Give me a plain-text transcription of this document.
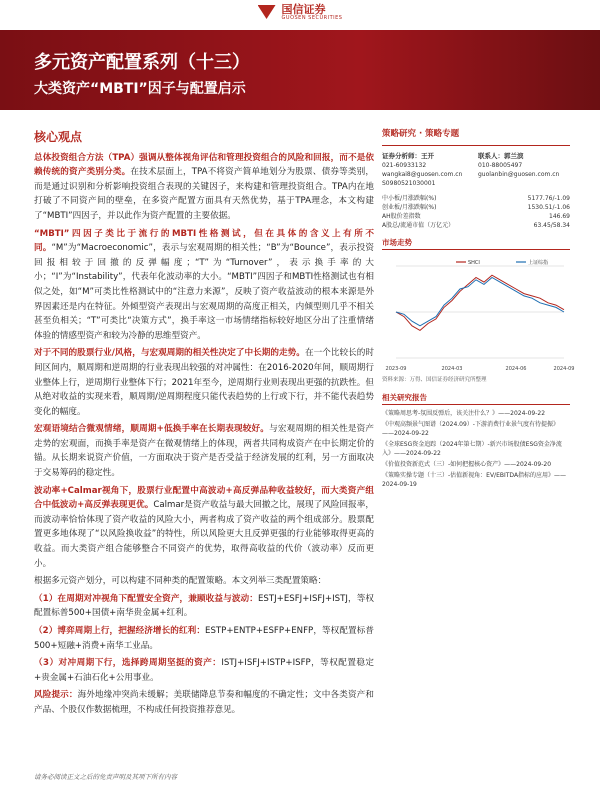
国信证券
GUOSEN SECURITIES
多元资产配置系列（十三）
大类资产“MBTI”因子与配置启示
核心观点

总体投资组合方法（TPA）强调从整体视角评估和管理投资组合的风险和回报，而不是依赖传统的资产类别分类。在技术层面上，TPA不将资产简单地划分为股票、债券等类别，而是通过识别和分析影响投资组合表现的关键因子，来构建和管理投资组合。TPA内在地打破了不同资产间的壁垒，在多资产配置方面具有天然优势，基于TPA理念，本文构建了“MBTI”四因子，并以此作为资产配置的主要依据。

“MBTI”四因子类比于流行的MBTI性格测试，但在具体的含义上有所不同。“M”为“Macroeconomic”，表示与宏观周期的相关性；“B”为“Bounce”，表示投资回报相较于回撤的反弹幅度；“T”为“Turnover”，表示换手率的大小；“I”为“Instability”，代表年化波动率的大小。“MBTI”四因子和MBTI性格测试也有相似之处，如“M”可类比性格测试中的“注意力来源”，反映了资产收益波动的根本来源是外界因素还是内在特征。外倾型资产表现出与宏观周期的高度正相关，内倾型则几乎不相关甚至负相关；“T”可类比“决策方式”，换手率这一市场情绪指标较好地区分出了注重情绪体验的情感型资产和较为冷静的思维型资产。

对于不同的股票行业/风格，与宏观周期的相关性决定了中长期的走势。在一个比较长的时间区间内，顺周期和逆周期的行业表现出较强的对冲属性：在2016-2020年间，顺周期行业整体上行，逆周期行业整体下行；2021年至今，逆周期行业则表现出更强的抗跌性。但从绝对收益的实现来看，顺周期/逆周期程度只能代表趋势的上行或下行，并不能代表趋势变化的幅度。

宏观语境结合微观情绪，顺周期+低换手率在长期表现较好。与宏观周期的相关性是资产走势的宏观面，而换手率是资产在微观情绪上的体现，两者共同构成资产在中长期定价的锚。从长期来说资产价值，一方面取决于资产是否受益于经济发展的红利，另一方面取决于交易筹码的稳定性。

波动率+Calmar视角下，股票行业配置中高波动+高反弹品种收益较好，而大类资产组合中低波动+高反弹表现更优。Calmar是资产收益与最大回撤之比，展现了风险回报率，而波动率恰恰体现了资产收益的风险大小，两者构成了资产收益的两个组成部分。股票配置更多地体现了“以风险换收益”的特性，所以风险更大且反弹更强的行业能够取得更高的收益。而大类资产组合能够整合不同资产的优势，取得高收益的代价（波动率）反而更小。

根据多元资产划分，可以构建不同种类的配置策略。本文列举三类配置策略：

（1）在周期对冲视角下配置安全资产，兼顾收益与波动：ESTJ+ESFJ+ISFJ+ISTJ，等权配置标普500+国债+南华贵金属+红利。

（2）博弈周期上行，把握经济增长的红利：ESTP+ENTP+ESFP+ENFP，等权配置标普500+短融+消费+南华工业品。

（3）对冲周期下行，选择跨周期坚挺的资产：ISTJ+ISFJ+ISTP+ISFP，等权配置稳定+贵金属+石油石化+公用事业。

风险提示：海外地缘冲突尚未缓解；美联储降息节奏和幅度的不确定性；文中各类资产和产品、个股仅作数据梳理，不构成任何投资推荐意见。

策略研究 · 策略专题
证券分析师：王开
021-60933132
wangkai8@guosen.com.cn
S0980521030001
联系人：郭兰滨
010-88005497
guolanbin@guosen.com.cn
中小板/月涨跌幅(%)	5177.76/-1.09
创业板/月涨跌幅(%)	1530.51/-1.06
AH股价差指数	146.69
A股总/流通市值（万亿元）	63.45/58.34
市场走势
SHCI	上证综指
2023-09	2024-03	2024-06	2024-09
资料来源：万得、国信证券经济研究所整理
相关研究报告
《策略周思考-氛围反弹后，该关注什么？》——2024-09-22
《中观高频景气图谱（2024.09）-下游消费行业景气度有待提振》——2024-09-22
《全球ESG资金追踪（2024年第七期）-新兴市场股债ESG资金净流入》——2024-09-22
《价值投资新范式（三）-如何把握核心资产》——2024-09-20
《策略实操专题（十三）-估值新视角：EV/EBITDA指标的应用》——2024-09-19
请务必阅读正文之后的免责声明及其项下所有内容
